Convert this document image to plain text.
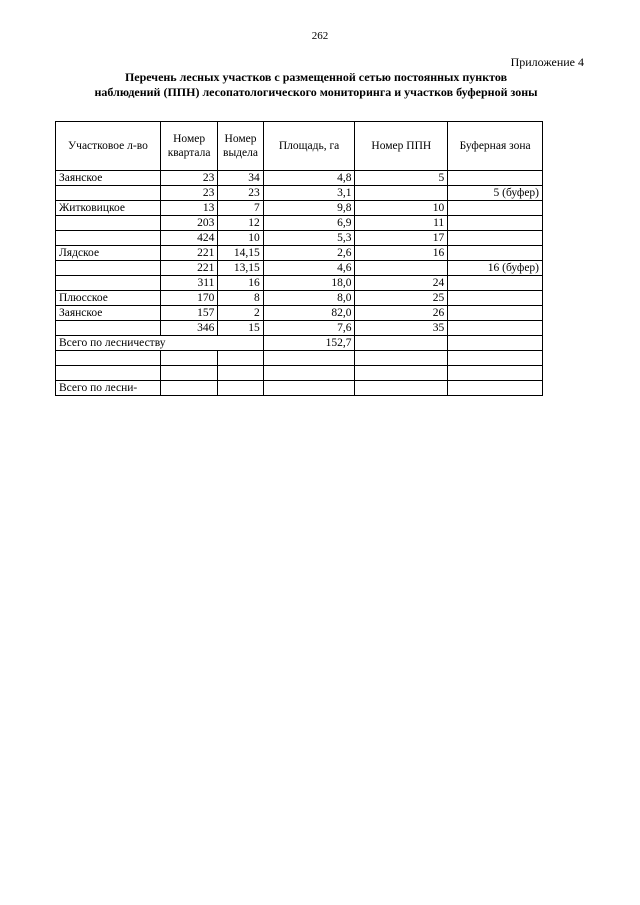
262
Приложение 4
Перечень лесных участков с размещенной сетью постоянных пунктов
наблюдений (ППН) лесопатологического мониторинга и участков буферной зоны
Участковое л-во	Номер квартала	Номер выдела	Площадь, га	Номер ППН	Буферная зона
Заянское	23	34	4,8	5	
	23	23	3,1		5 (буфер)
Житковицкое	13	7	9,8	10	
	203	12	6,9	11	
	424	10	5,3	17	
Лядское	221	14,15	2,6	16	
	221	13,15	4,6		16 (буфер)
	311	16	18,0	24	
Плюсское	170	8	8,0	25	
Заянское	157	2	82,0	26	
	346	15	7,6	35	
Всего по лесничеству			152,7		

Всего по лесни-					
